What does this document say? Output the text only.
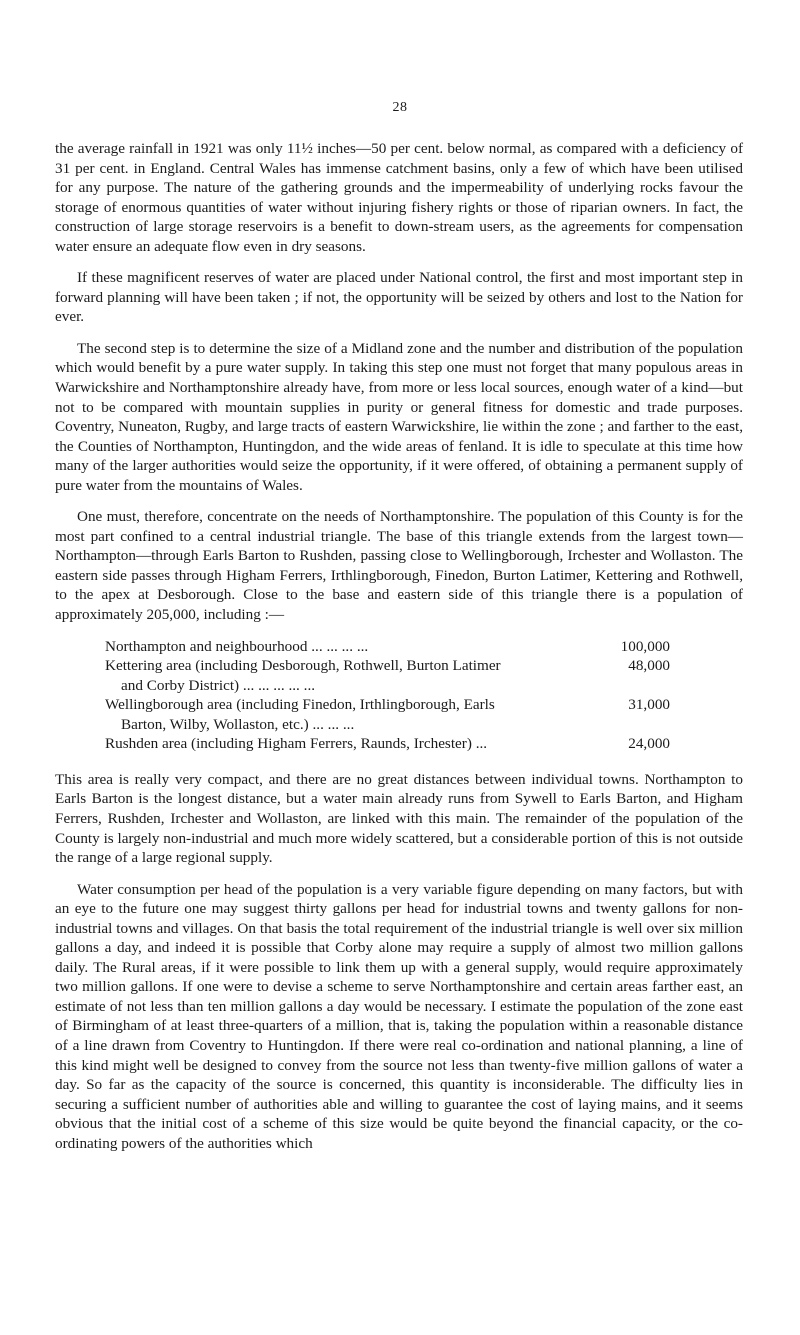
28

the average rainfall in 1921 was only 11½ inches—50 per cent. below normal, as compared with a deficiency of 31 per cent. in England. Central Wales has immense catchment basins, only a few of which have been utilised for any purpose. The nature of the gathering grounds and the impermeability of underlying rocks favour the storage of enormous quantities of water without injuring fishery rights or those of riparian owners. In fact, the construction of large storage reservoirs is a benefit to down-stream users, as the agreements for compensation water ensure an adequate flow even in dry seasons.

If these magnificent reserves of water are placed under National control, the first and most important step in forward planning will have been taken ; if not, the opportunity will be seized by others and lost to the Nation for ever.

The second step is to determine the size of a Midland zone and the number and distribution of the population which would benefit by a pure water supply. In taking this step one must not forget that many populous areas in Warwickshire and Northamptonshire already have, from more or less local sources, enough water of a kind—but not to be compared with mountain supplies in purity or general fitness for domestic and trade purposes. Coventry, Nuneaton, Rugby, and large tracts of eastern Warwickshire, lie within the zone ; and farther to the east, the Counties of Northampton, Huntingdon, and the wide areas of fenland. It is idle to speculate at this time how many of the larger authorities would seize the opportunity, if it were offered, of obtaining a permanent supply of pure water from the mountains of Wales.

One must, therefore, concentrate on the needs of Northamptonshire. The population of this County is for the most part confined to a central industrial triangle. The base of this triangle extends from the largest town—Northampton—through Earls Barton to Rushden, passing close to Wellingborough, Irchester and Wollaston. The eastern side passes through Higham Ferrers, Irthlingborough, Finedon, Burton Latimer, Kettering and Rothwell, to the apex at Desborough. Close to the base and eastern side of this triangle there is a population of approximately 205,000, including :—

Northampton and neighbourhood ... ... ... ...	100,000
Kettering area (including Desborough, Rothwell, Burton Latimer
and Corby District) ... ... ... ... ...
48,000
Wellingborough area (including Finedon, Irthlingborough, Earls
Barton, Wilby, Wollaston, etc.) ... ... ...
31,000
Rushden area (including Higham Ferrers, Raunds, Irchester) ...	24,000

This area is really very compact, and there are no great distances between individual towns. Northampton to Earls Barton is the longest distance, but a water main already runs from Sywell to Earls Barton, and Higham Ferrers, Rushden, Irchester and Wollaston, are linked with this main. The remainder of the population of the County is largely non-industrial and much more widely scattered, but a considerable portion of this is not outside the range of a large regional supply.

Water consumption per head of the population is a very variable figure depending on many factors, but with an eye to the future one may suggest thirty gallons per head for industrial towns and twenty gallons for non-industrial towns and villages. On that basis the total requirement of the industrial triangle is well over six million gallons a day, and indeed it is possible that Corby alone may require a supply of almost two million gallons daily. The Rural areas, if it were possible to link them up with a general supply, would require approximately two million gallons. If one were to devise a scheme to serve Northamptonshire and certain areas farther east, an estimate of not less than ten million gallons a day would be necessary. I estimate the population of the zone east of Birmingham of at least three-quarters of a million, that is, taking the population within a reasonable distance of a line drawn from Coventry to Huntingdon. If there were real co-ordination and national planning, a line of this kind might well be designed to convey from the source not less than twenty-five million gallons of water a day. So far as the capacity of the source is concerned, this quantity is inconsiderable. The difficulty lies in securing a sufficient number of authorities able and willing to guarantee the cost of laying mains, and it seems obvious that the initial cost of a scheme of this size would be quite beyond the financial capacity, or the co-ordinating powers of the authorities which
